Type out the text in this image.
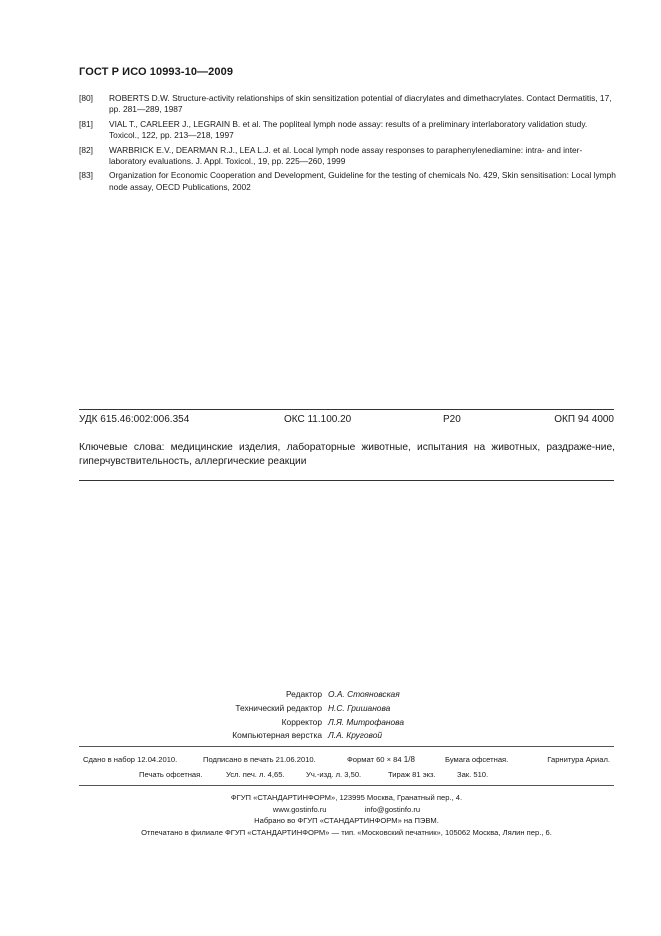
ГОСТ Р ИСО 10993-10—2009
[80]	ROBERTS D.W. Structure-activity relationships of skin sensitization potential of diacrylates and dimethacrylates. Contact Dermatitis, 17, pp. 281—289, 1987
[81]	VIAL T., CARLEER J., LEGRAIN B. et al. The popliteal lymph node assay: results of a preliminary interlaboratory validation study. Toxicol., 122, pp. 213—218, 1997
[82]	WARBRICK E.V., DEARMAN R.J., LEA L.J. et al. Local lymph node assay responses to paraphenylenediamine: intra- and inter-laboratory evaluations. J. Appl. Toxicol., 19, pp. 225—260, 1999
[83]	Organization for Economic Cooperation and Development, Guideline for the testing of chemicals No. 429, Skin sensitisation: Local lymph node assay, OECD Publications, 2002
УДК 615.46:002:006.354	ОКС 11.100.20	Р20	ОКП 94 4000
Ключевые слова: медицинские изделия, лабораторные животные, испытания на животных, раздраже-ние, гиперчувствительность, аллергические реакции
Редактор О.А. Стояновская
Технический редактор Н.С. Гришанова
Корректор Л.Я. Митрофанова
Компьютерная верстка Л.А. Круговой
Сдано в набор 12.04.2010.	Подписано в печать 21.06.2010.	Формат 60 × 84 1/8	Бумага офсетная.	Гарнитура Ариал.
Печать офсетная.	Усл. печ. л. 4,65.	Уч.-изд. л. 3,50.	Тираж 81 экз.	Зак. 510.
ФГУП «СТАНДАРТИНФОРМ», 123995 Москва, Гранатный пер., 4.
www.gostinfo.ru	info@gostinfo.ru
Набрано во ФГУП «СТАНДАРТИНФОРМ» на ПЭВМ.
Отпечатано в филиале ФГУП «СТАНДАРТИНФОРМ» — тип. «Московский печатник», 105062 Москва, Лялин пер., 6.
